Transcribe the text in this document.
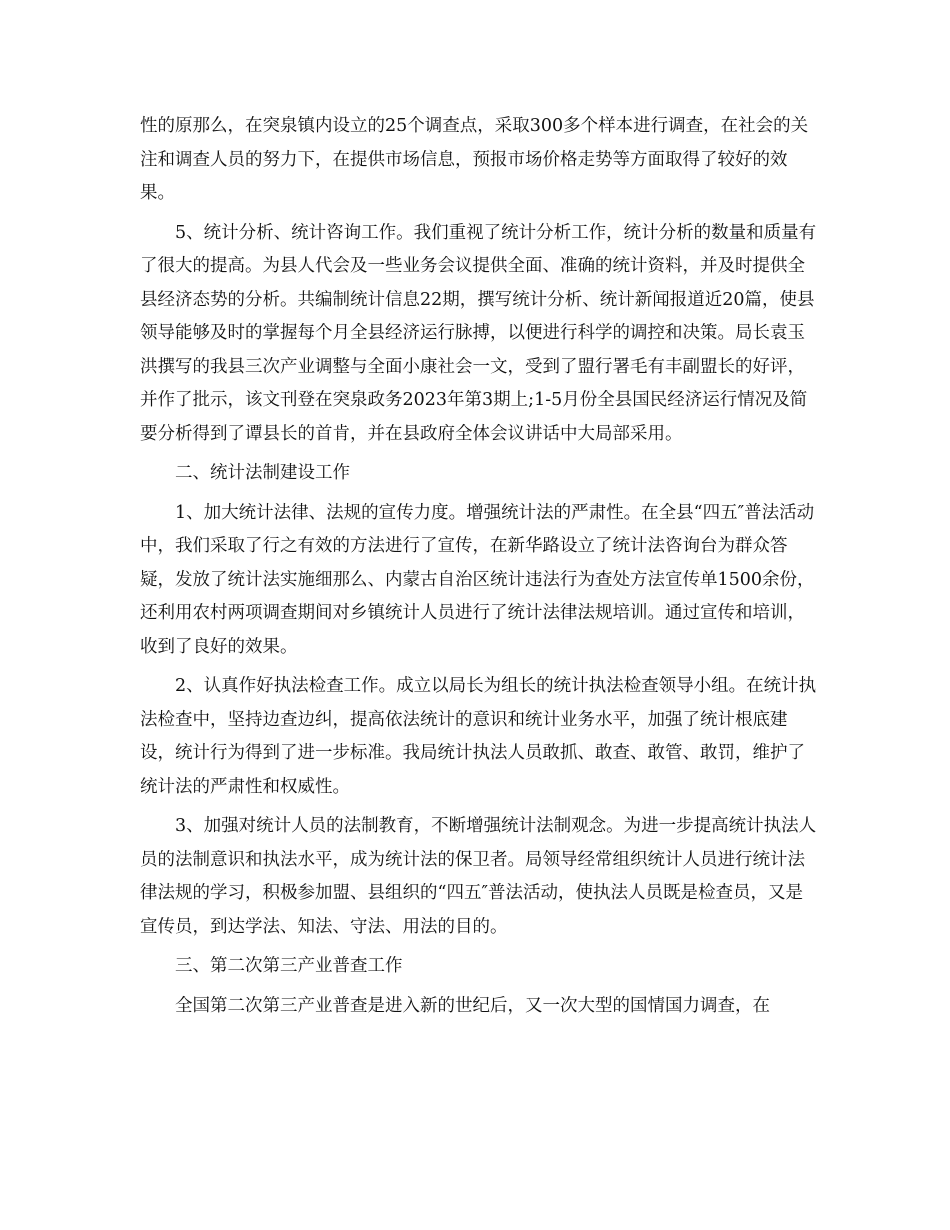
性的原那么，在突泉镇内设立的25个调查点，采取300多个样本进行调查，在社会的关注和调查人员的努力下，在提供市场信息，预报市场价格走势等方面取得了较好的效果。

5、统计分析、统计咨询工作。我们重视了统计分析工作，统计分析的数量和质量有了很大的提高。为县人代会及一些业务会议提供全面、准确的统计资料，并及时提供全县经济态势的分析。共编制统计信息22期，撰写统计分析、统计新闻报道近20篇，使县领导能够及时的掌握每个月全县经济运行脉搏，以便进行科学的调控和决策。局长袁玉洪撰写的我县三次产业调整与全面小康社会一文，受到了盟行署毛有丰副盟长的好评，并作了批示，该文刊登在突泉政务2023年第3期上;1-5月份全县国民经济运行情况及简要分析得到了谭县长的首肯，并在县政府全体会议讲话中大局部采用。

二、统计法制建设工作

1、加大统计法律、法规的宣传力度。增强统计法的严肃性。在全县“四五″普法活动中，我们采取了行之有效的方法进行了宣传，在新华路设立了统计法咨询台为群众答疑，发放了统计法实施细那么、内蒙古自治区统计违法行为查处方法宣传单1500余份，还利用农村两项调查期间对乡镇统计人员进行了统计法律法规培训。通过宣传和培训，收到了良好的效果。

2、认真作好执法检查工作。成立以局长为组长的统计执法检查领导小组。在统计执法检查中，坚持边查边纠，提高依法统计的意识和统计业务水平，加强了统计根底建设，统计行为得到了进一步标准。我局统计执法人员敢抓、敢查、敢管、敢罚，维护了统计法的严肃性和权威性。

3、加强对统计人员的法制教育，不断增强统计法制观念。为进一步提高统计执法人员的法制意识和执法水平，成为统计法的保卫者。局领导经常组织统计人员进行统计法律法规的学习，积极参加盟、县组织的“四五″普法活动，使执法人员既是检查员，又是宣传员，到达学法、知法、守法、用法的目的。

三、第二次第三产业普查工作

全国第二次第三产业普查是进入新的世纪后，又一次大型的国情国力调查，在
